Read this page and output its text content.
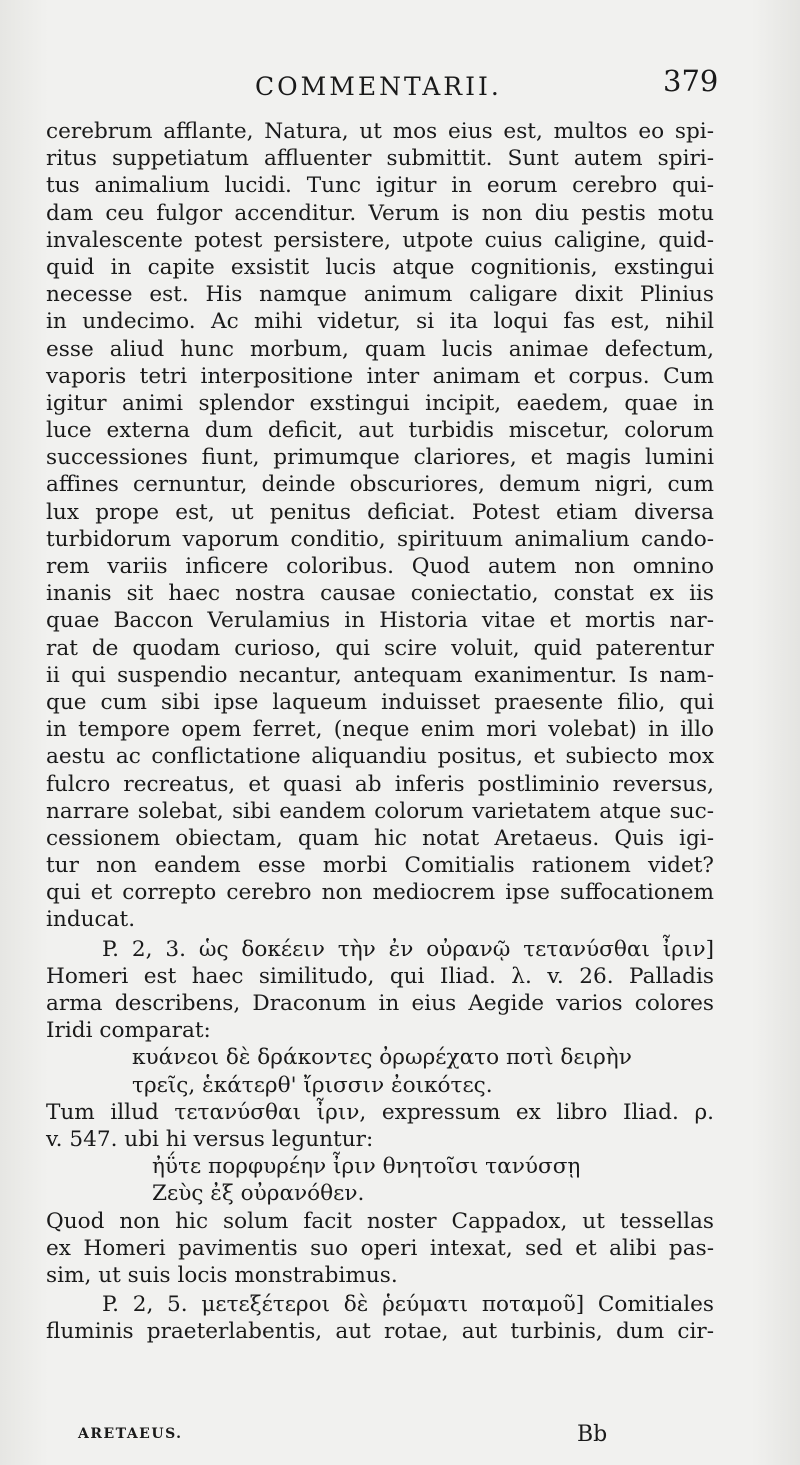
COMMENTARII.	379
cerebrum afflante, Natura, ut mos eius est, multos eo spi-
ritus suppetiatum affluenter submittit. Sunt autem spiri-
tus animalium lucidi. Tunc igitur in eorum cerebro qui-
dam ceu fulgor accenditur. Verum is non diu pestis motu
invalescente potest persistere, utpote cuius caligine, quid-
quid in capite exsistit lucis atque cognitionis, exstingui
necesse est. His namque animum caligare dixit Plinius
in undecimo. Ac mihi videtur, si ita loqui fas est, nihil
esse aliud hunc morbum, quam lucis animae defectum,
vaporis tetri interpositione inter animam et corpus. Cum
igitur animi splendor exstingui incipit, eaedem, quae in
luce externa dum deficit, aut turbidis miscetur, colorum
successiones fiunt, primumque clariores, et magis lumini
affines cernuntur, deinde obscuriores, demum nigri, cum
lux prope est, ut penitus deficiat. Potest etiam diversa
turbidorum vaporum conditio, spirituum animalium cando-
rem variis inficere coloribus. Quod autem non omnino
inanis sit haec nostra causae coniectatio, constat ex iis
quae Baccon Verulamius in Historia vitae et mortis nar-
rat de quodam curioso, qui scire voluit, quid paterentur
ii qui suspendio necantur, antequam exanimentur. Is nam-
que cum sibi ipse laqueum induisset praesente filio, qui
in tempore opem ferret, (neque enim mori volebat) in illo
aestu ac conflictatione aliquandiu positus, et subiecto mox
fulcro recreatus, et quasi ab inferis postliminio reversus,
narrare solebat, sibi eandem colorum varietatem atque suc-
cessionem obiectam, quam hic notat Aretaeus. Quis igi-
tur non eandem esse morbi Comitialis rationem videt?
qui et correpto cerebro non mediocrem ipse suffocationem
inducat.
P. 2, 3. ὡς δοκέειν τὴν ἐν οὐρανῷ τετανύσθαι ἶριν]
Homeri est haec similitudo, qui Iliad. λ. v. 26. Palladis
arma describens, Draconum in eius Aegide varios colores
Iridi comparat:
κυάνεοι δὲ δράκοντες ὀρωρέχατο ποτὶ δειρὴν
τρεῖς, ἑκάτερθ' ἴρισσιν ἐοικότες.
Tum illud τετανύσθαι ἶριν, expressum ex libro Iliad. ρ.
v. 547. ubi hi versus leguntur:
ἠΰτε πορφυρέην ἶριν θνητοῖσι τανύσσῃ
Ζεὺς ἐξ οὐρανόθεν.
Quod non hic solum facit noster Cappadox, ut tessellas
ex Homeri pavimentis suo operi intexat, sed et alibi pas-
sim, ut suis locis monstrabimus.
P. 2, 5. μετεξέτεροι δὲ ῥεύματι ποταμοῦ] Comitiales
fluminis praeterlabentis, aut rotae, aut turbinis, dum cir-
ARETAEUS.	Bb
